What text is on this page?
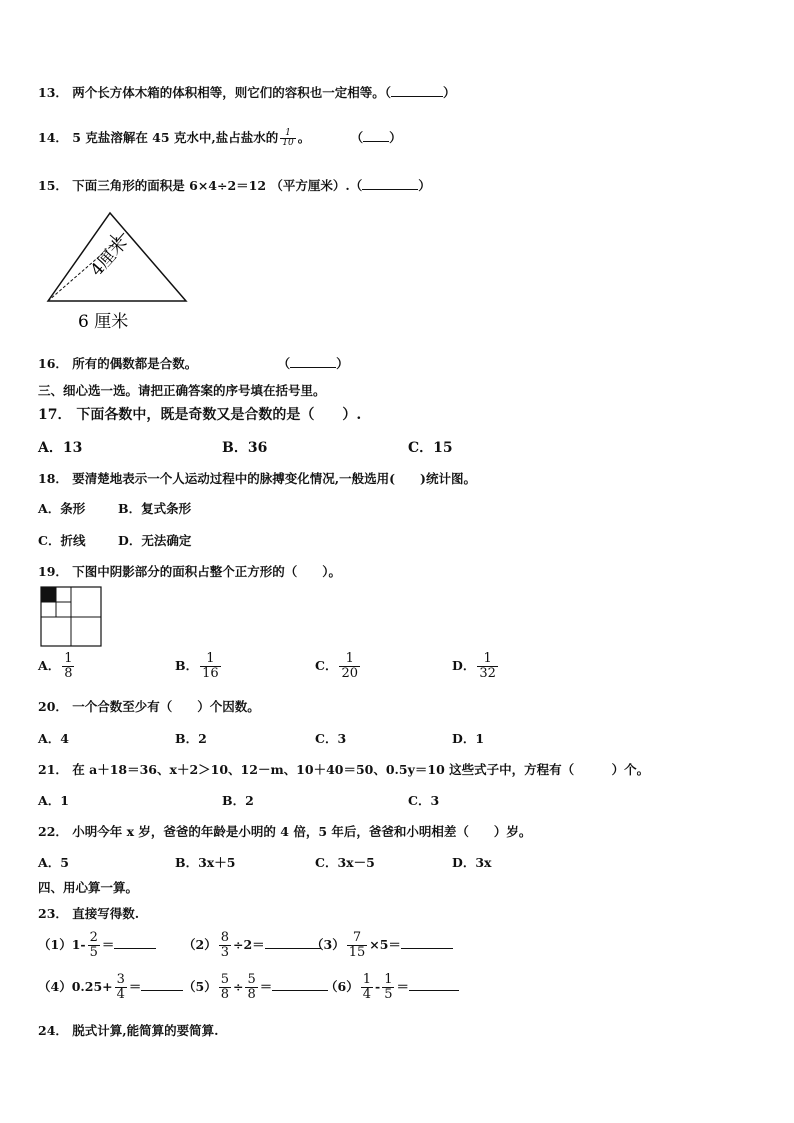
13． 两个长方体木箱的体积相等，则它们的容积也一定相等。（	）
14． 5 克盐溶解在 45 克水中,盐占盐水的 $\frac{1}{10}$ 。	（ ）
15． 下面三角形的面积是 6×4÷2＝12 （平方厘米）.（	）
4厘米
6 厘米
16． 所有的偶数都是合数。	（	）
三、细心选一选。请把正确答案的序号填在括号里。
17． 下面各数中，既是奇数又是合数的是（　　）.
A．13	B．36	C．15
18． 要清楚地表示一个人运动过程中的脉搏变化情况,一般选用(　　)统计图。
A．条形	B．复式条形
C．折线	D．无法确定
19． 下图中阴影部分的面积占整个正方形的（　　）。
A． $\frac{1}{8}$	B． $\frac{1}{16}$	C． $\frac{1}{20}$	D． $\frac{1}{32}$
20． 一个合数至少有（　　）个因数。
A．4	B．2	C．3	D．1
21． 在 a＋18＝36、x＋2＞10、12－m、10＋40＝50、0.5y＝10 这些式子中，方程有（　　　）个。
A．1	B．2	C．3
22． 小明今年 x 岁，爸爸的年龄是小明的 4 倍，5 年后，爸爸和小明相差（　　）岁。
A．5	B．3x＋5	C．3x－5	D．3x
四、用心算一算。
23． 直接写得数.
$(1)1- \frac{2}{5}$ ＝	$(2) \frac{8}{3} \div 2=$	$(3) \frac{7}{15} \times 5=$
$(4)0.25+ \frac{3}{4}$ ＝	$(5) \frac{5}{8} \div \frac{5}{8}$ ＝	$(6) \frac{1}{4} - \frac{1}{5}$ ＝
24． 脱式计算,能简算的要简算.
